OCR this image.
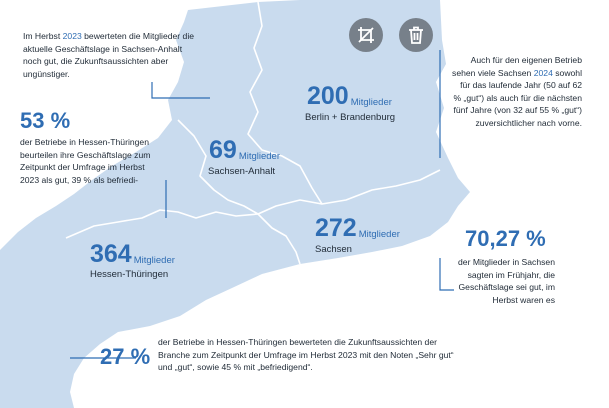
200 Mitglieder
Berlin + Brandenburg
69 Mitglieder
Sachsen-Anhalt
272 Mitglieder
Sachsen
364 Mitglieder
Hessen-Thüringen
Im Herbst 2023 bewerteten die Mitglieder die aktuelle Geschäftslage in Sachsen-Anhalt noch gut, die Zukunftsaussichten aber ungünstiger.
53 %
der Betriebe in Hessen-Thüringen beurteilen ihre Geschäftslage zum Zeitpunkt der Umfrage im Herbst 2023 als gut, 39 % als befriedi-
Auch für den eigenen Betrieb sehen viele Sachsen 2024 sowohl für das laufende Jahr (50 auf 62 % „gut“) als auch für die nächsten fünf Jahre (von 32 auf 55 % „gut“) zuversichtlicher nach vorne.
70,27 %
der Mitglieder in Sachsen sagten im Frühjahr, die Geschäftslage sei gut, im Herbst waren es
27 %
der Betriebe in Hessen-Thüringen bewerteten die Zukunftsaussichten der Branche zum Zeitpunkt der Umfrage im Herbst 2023 mit den Noten „Sehr gut“ und „gut“, sowie 45 % mit „befriedigend“.
